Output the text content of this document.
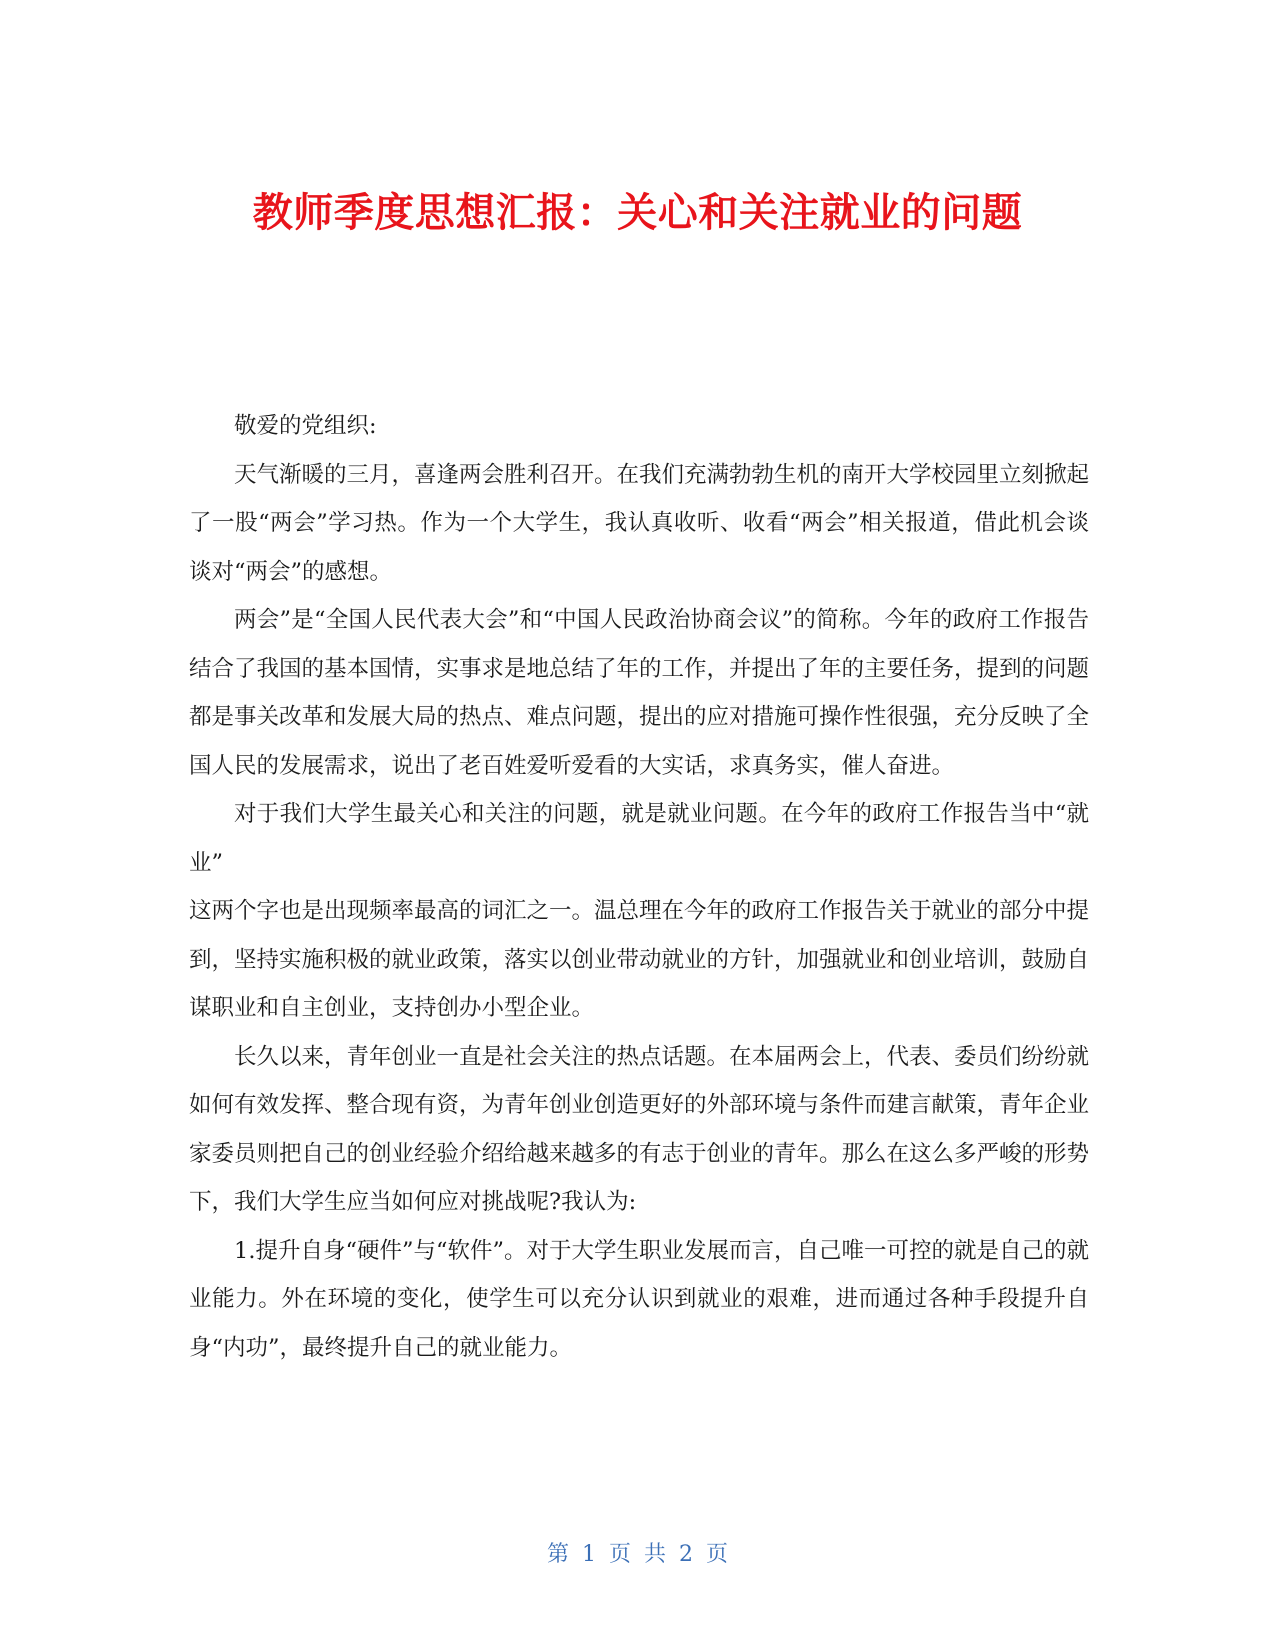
教师季度思想汇报：关心和关注就业的问题

敬爱的党组织:

天气渐暖的三月，喜逢两会胜利召开。在我们充满勃勃生机的南开大学校园里立刻掀起了一股“两会”学习热。作为一个大学生，我认真收听、收看“两会”相关报道，借此机会谈谈对“两会”的感想。

两会”是“全国人民代表大会”和“中国人民政治协商会议”的简称。今年的政府工作报告结合了我国的基本国情，实事求是地总结了年的工作，并提出了年的主要任务，提到的问题都是事关改革和发展大局的热点、难点问题，提出的应对措施可操作性很强，充分反映了全国人民的发展需求，说出了老百姓爱听爱看的大实话，求真务实，催人奋进。

对于我们大学生最关心和关注的问题，就是就业问题。在今年的政府工作报告当中“就业”

这两个字也是出现频率最高的词汇之一。温总理在今年的政府工作报告关于就业的部分中提到，坚持实施积极的就业政策，落实以创业带动就业的方针，加强就业和创业培训，鼓励自谋职业和自主创业，支持创办小型企业。

长久以来，青年创业一直是社会关注的热点话题。在本届两会上，代表、委员们纷纷就如何有效发挥、整合现有资，为青年创业创造更好的外部环境与条件而建言献策，青年企业家委员则把自己的创业经验介绍给越来越多的有志于创业的青年。那么在这么多严峻的形势下，我们大学生应当如何应对挑战呢?我认为:

1.提升自身“硬件”与“软件”。对于大学生职业发展而言，自己唯一可控的就是自己的就业能力。外在环境的变化，使学生可以充分认识到就业的艰难，进而通过各种手段提升自身“内功”，最终提升自己的就业能力。

第 1 页 共 2 页
